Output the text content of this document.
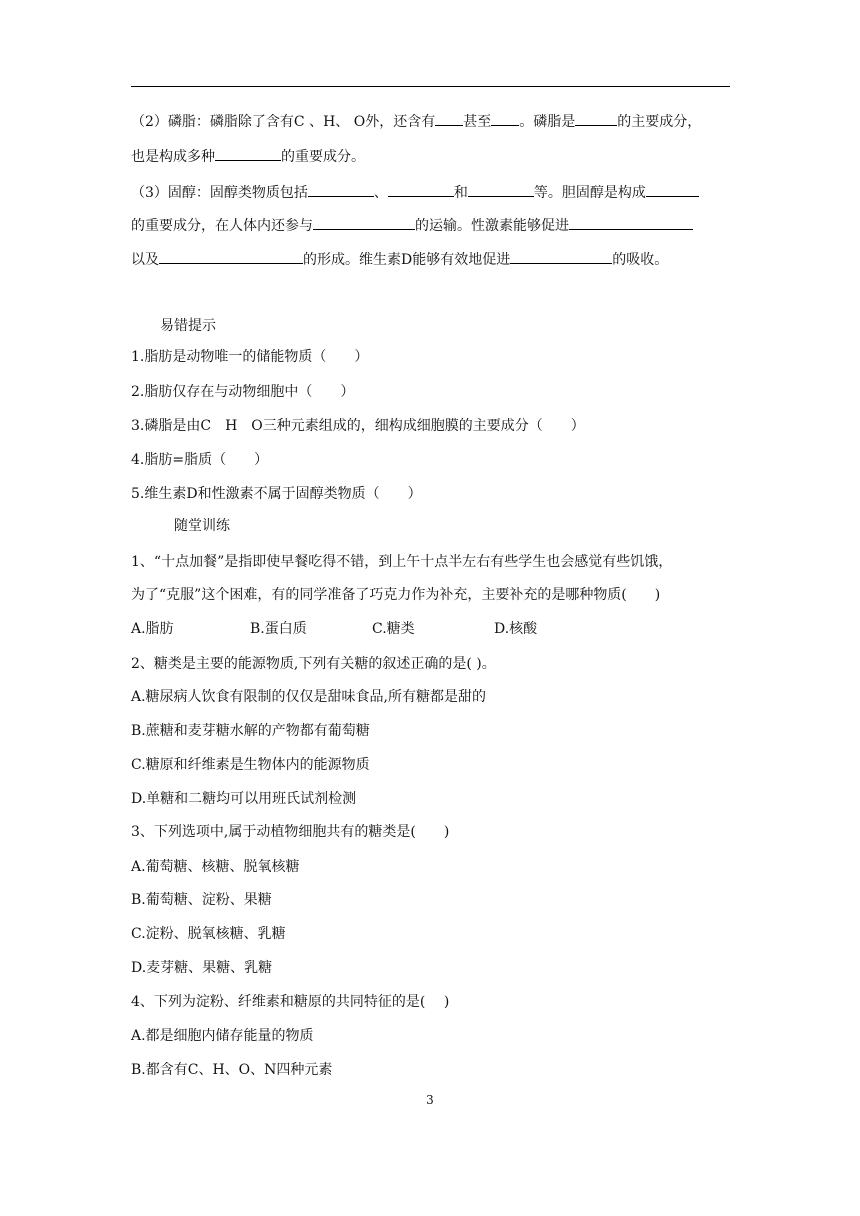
（2）磷脂：磷脂除了含有C 、H、 O外，还含有 甚至 。磷脂是	的主要成分，
也是构成多种	的重要成分。
（3）固醇：固醇类物质包括	、	和	等。胆固醇是构成
的重要成分，在人体内还参与	的运输。性激素能够促进
以及	的形成。维生素D能够有效地促进	的吸收。
易错提示
1.脂肪是动物唯一的储能物质（　　）
2.脂肪仅存在与动物细胞中（　　）
3.磷脂是由C　H　O三种元素组成的，细构成细胞膜的主要成分（　　）
4.脂肪=脂质（　　）
5.维生素D和性激素不属于固醇类物质（　　）
随堂训练
1、“十点加餐”是指即使早餐吃得不错，到上午十点半左右有些学生也会感觉有些饥饿，
为了“克服”这个困难，有的同学准备了巧克力作为补充，主要补充的是哪种物质(　　)
A.脂肪	B.蛋白质	C.糖类	D.核酸
2、糖类是主要的能源物质,下列有关糖的叙述正确的是( )。
A.糖尿病人饮食有限制的仅仅是甜味食品,所有糖都是甜的
B.蔗糖和麦芽糖水解的产物都有葡萄糖
C.糖原和纤维素是生物体内的能源物质
D.单糖和二糖均可以用班氏试剂检测
3、下列选项中,属于动植物细胞共有的糖类是(　　)
A.葡萄糖、核糖、脱氧核糖
B.葡萄糖、淀粉、果糖
C.淀粉、脱氧核糖、乳糖
D.麦芽糖、果糖、乳糖
4、下列为淀粉、纤维素和糖原的共同特征的是(　 )
A.都是细胞内储存能量的物质
B.都含有C、H、O、N四种元素
3
